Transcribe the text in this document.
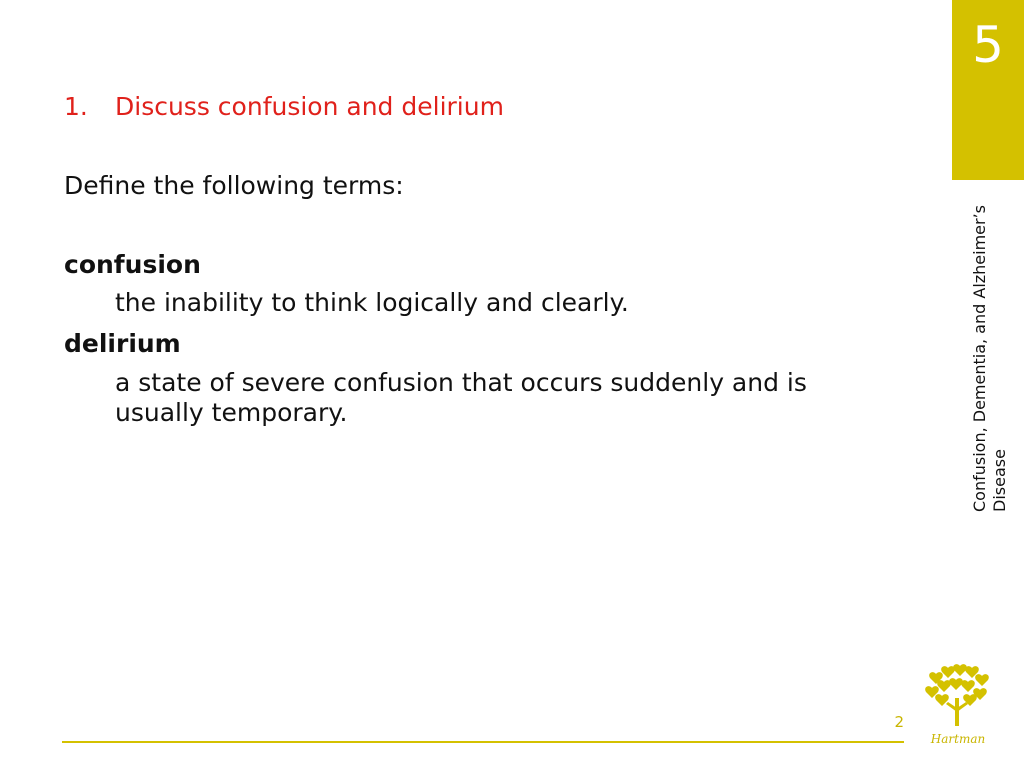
5
Confusion, Dementia, and Alzheimer’s Disease
1. Discuss confusion and delirium
Define the following terms:
confusion
the inability to think logically and clearly.
delirium
a state of severe confusion that occurs suddenly and is usually temporary.
2
Hartman
